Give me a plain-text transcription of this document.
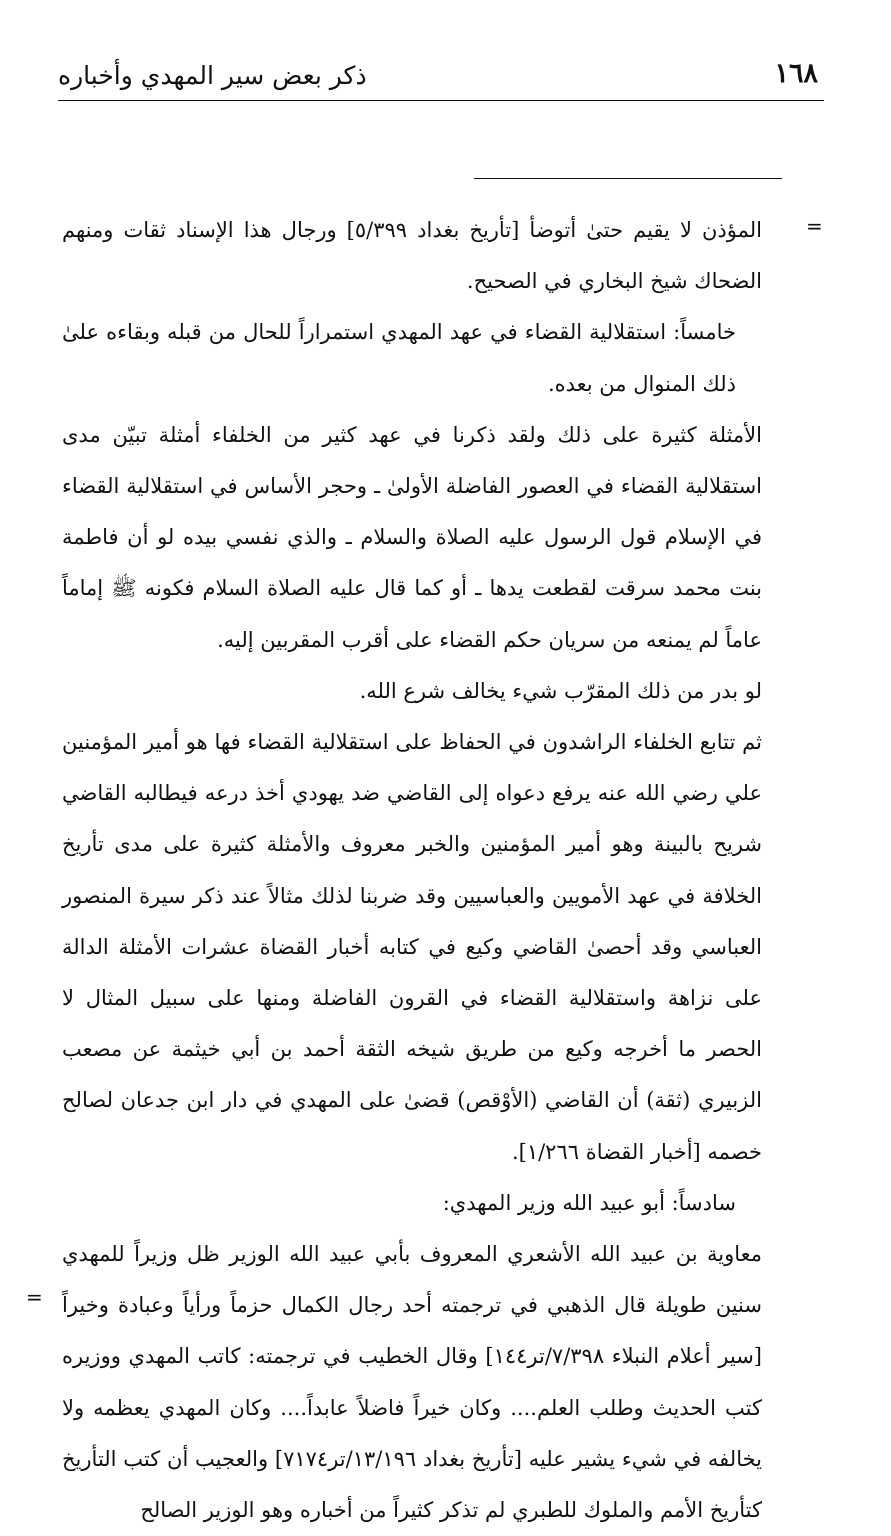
١٦٨
ذكر بعض سير المهدي وأخباره
=

المؤذن لا يقيم حتىٰ أتوضأ [تأريخ بغداد ٥/٣٩٩] ورجال هذا الإسناد ثقات ومنهم الضحاك شيخ البخاري في الصحيح.

خامساً: استقلالية القضاء في عهد المهدي استمراراً للحال من قبله وبقاءه علىٰ ذلك المنوال من بعده.

الأمثلة كثيرة على ذلك ولقد ذكرنا في عهد كثير من الخلفاء أمثلة تبيّن مدى استقلالية القضاء في العصور الفاضلة الأولىٰ ـ وحجر الأساس في استقلالية القضاء في الإسلام قول الرسول عليه الصلاة والسلام ـ والذي نفسي بيده لو أن فاطمة بنت محمد سرقت لقطعت يدها ـ أو كما قال عليه الصلاة السلام فكونه ﷺ إماماً عاماً لم يمنعه من سريان حكم القضاء على أقرب المقربين إليه.

لو بدر من ذلك المقرّب شيء يخالف شرع الله.

ثم تتابع الخلفاء الراشدون في الحفاظ على استقلالية القضاء فها هو أمير المؤمنين علي رضي الله عنه يرفع دعواه إلى القاضي ضد يهودي أخذ درعه فيطالبه القاضي شريح بالبينة وهو أمير المؤمنين والخبر معروف والأمثلة كثيرة على مدى تأريخ الخلافة في عهد الأمويين والعباسيين وقد ضربنا لذلك مثالاً عند ذكر سيرة المنصور العباسي وقد أحصىٰ القاضي وكيع في كتابه أخبار القضاة عشرات الأمثلة الدالة على نزاهة واستقلالية القضاء في القرون الفاضلة ومنها على سبيل المثال لا الحصر ما أخرجه وكيع من طريق شيخه الثقة أحمد بن أبي خيثمة عن مصعب الزبيري (ثقة) أن القاضي (الأوْقص) قضىٰ على المهدي في دار ابن جدعان لصالح خصمه [أخبار القضاة ١/٢٦٦].

سادساً: أبو عبيد الله وزير المهدي:

معاوية بن عبيد الله الأشعري المعروف بأبي عبيد الله الوزير ظل وزيراً للمهدي سنين طويلة قال الذهبي في ترجمته أحد رجال الكمال حزماً ورأياً وعبادة وخيراً [سير أعلام النبلاء ٧/٣٩٨/تر١٤٤] وقال الخطيب في ترجمته: كاتب المهدي ووزيره كتب الحديث وطلب العلم.... وكان خيراً فاضلاً عابداً.... وكان المهدي يعظمه ولا يخالفه في شيء يشير عليه [تأريخ بغداد ١٣/١٩٦/تر٧١٧٤] والعجيب أن كتب التأريخ كتأريخ الأمم والملوك للطبري لم تذكر كثيراً من أخباره وهو الوزير الصالح

=
